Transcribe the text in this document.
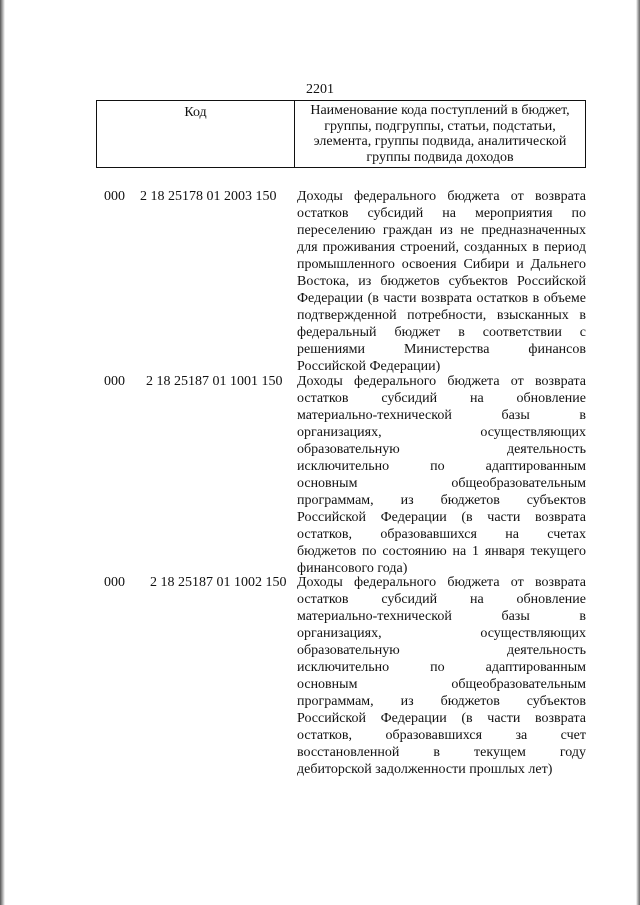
2201
Код	Наименование кода поступлений в бюджет,
группы, подгруппы, статьи, подстатьи,
элемента, группы подвида, аналитической
группы подвида доходов
000 2 18 25178 01 2003 150 Доходы федерального бюджета от возврата
остатков субсидий на мероприятия по
переселению граждан из не предназначенных
для проживания строений, созданных в период
промышленного освоения Сибири и Дальнего
Востока, из бюджетов субъектов Российской
Федерации (в части возврата остатков в объеме
подтвержденной потребности, взысканных в
федеральный бюджет в соответствии с
решениями Министерства финансов
Российской Федерации)
000 2 18 25187 01 1001 150 Доходы федерального бюджета от возврата
остатков субсидий на обновление
материально-технической базы в
организациях, осуществляющих
образовательную деятельность
исключительно по адаптированным
основным общеобразовательным
программам, из бюджетов субъектов
Российской Федерации (в части возврата
остатков, образовавшихся на счетах
бюджетов по состоянию на 1 января текущего
финансового года)
000 2 18 25187 01 1002 150 Доходы федерального бюджета от возврата
остатков субсидий на обновление
материально-технической базы в
организациях, осуществляющих
образовательную деятельность
исключительно по адаптированным
основным общеобразовательным
программам, из бюджетов субъектов
Российской Федерации (в части возврата
остатков, образовавшихся за счет
восстановленной в текущем году
дебиторской задолженности прошлых лет)
